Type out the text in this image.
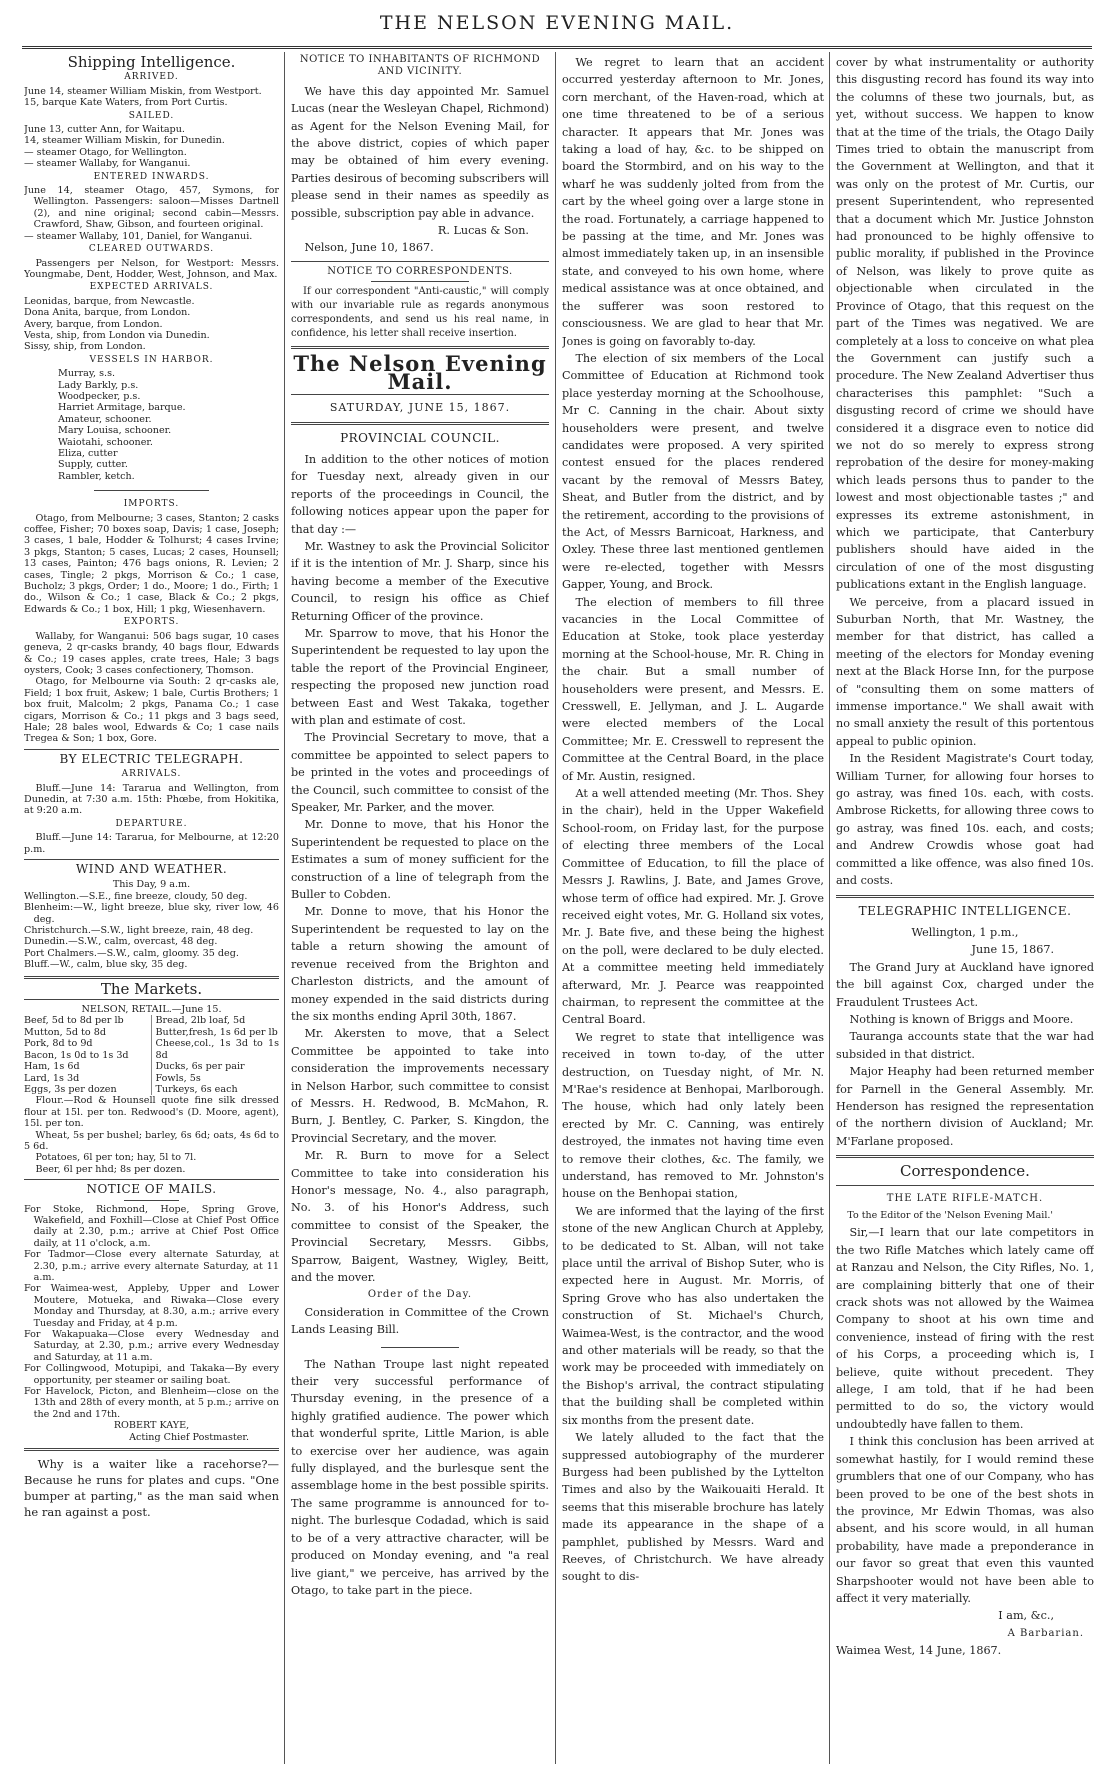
THE NELSON EVENING MAIL.
Shipping Intelligence.
ARRIVED.

June 14, steamer William Miskin, from Westport.

15, barque Kate Waters, from Port Curtis.

SAILED.

June 13, cutter Ann, for Waitapu.

14, steamer William Miskin, for Dunedin.

— steamer Otago, for Wellington.

— steamer Wallaby, for Wanganui.

ENTERED INWARDS.

June 14, steamer Otago, 457, Symons, for Wellington. Passengers: saloon—Misses Dartnell (2), and nine original; second cabin—Messrs. Crawford, Shaw, Gibson, and fourteen original.

— steamer Wallaby, 101, Daniel, for Wanganui.

CLEARED OUTWARDS.

Passengers per Nelson, for Westport: Messrs. Youngmabe, Dent, Hodder, West, Johnson, and Max.

EXPECTED ARRIVALS.

Leonidas, barque, from Newcastle.

Dona Anita, barque, from London.

Avery, barque, from London.

Vesta, ship, from London via Dunedin.

Sissy, ship, from London.

VESSELS IN HARBOR.

Murray, s.s.

Lady Barkly, p.s.

Woodpecker, p.s.

Harriet Armitage, barque.

Amateur, schooner.

Mary Louisa, schooner.

Waiotahi, schooner.

Eliza, cutter

Supply, cutter.

Rambler, ketch.

IMPORTS.

Otago, from Melbourne; 3 cases, Stanton; 2 casks coffee, Fisher; 70 boxes soap, Davis; 1 case, Joseph; 3 cases, 1 bale, Hodder & Tolhurst; 4 cases Irvine; 3 pkgs, Stanton; 5 cases, Lucas; 2 cases, Hounsell; 13 cases, Painton; 476 bags onions, R. Levien; 2 cases, Tingle; 2 pkgs, Morrison & Co.; 1 case, Bucholz; 3 pkgs, Order; 1 do., Moore; 1 do., Firth; 1 do., Wilson & Co.; 1 case, Black & Co.; 2 pkgs, Edwards & Co.; 1 box, Hill; 1 pkg, Wiesenhavern.

EXPORTS.

Wallaby, for Wanganui: 506 bags sugar, 10 cases geneva, 2 qr-casks brandy, 40 bags flour, Edwards & Co.; 19 cases apples, crate trees, Hale; 3 bags oysters, Cook; 3 cases confectionery, Thomson.

Otago, for Melbourne via South: 2 qr-casks ale, Field; 1 box fruit, Askew; 1 bale, Curtis Brothers; 1 box fruit, Malcolm; 2 pkgs, Panama Co.; 1 case cigars, Morrison & Co.; 11 pkgs and 3 bags seed, Hale; 28 bales wool, Edwards & Co; 1 case nails Tregea & Son; 1 box, Gore.

BY ELECTRIC TELEGRAPH.
ARRIVALS.

Bluff.—June 14: Tararua and Wellington, from Dunedin, at 7:30 a.m. 15th: Phœbe, from Hokitika, at 9:20 a.m.

DEPARTURE.

Bluff.—June 14: Tararua, for Melbourne, at 12:20 p.m.

WIND AND WEATHER.

This Day, 9 a.m.

Wellington.—S.E., fine breeze, cloudy, 50 deg.

Blenheim:—W., light breeze, blue sky, river low, 46 deg.

Christchurch.—S.W., light breeze, rain, 48 deg.

Dunedin.—S.W., calm, overcast, 48 deg.

Port Chalmers.—S.W., calm, gloomy. 35 deg.

Bluff.—W., calm, blue sky, 35 deg.

The Markets.

NELSON, RETAIL.—June 15.

Beef, 5d to 8d per lb

Mutton, 5d to 8d

Pork, 8d to 9d

Bacon, 1s 0d to 1s 3d

Ham, 1s 6d

Lard, 1s 3d

Eggs, 3s per dozen

Bread, 2lb loaf, 5d

Butter,fresh, 1s 6d per lb

Cheese,col., 1s 3d to 1s 8d

Ducks, 6s per pair

Fowls, 5s

Turkeys, 6s each

Flour.—Rod & Hounsell quote fine silk dressed flour at 15l. per ton. Redwood's (D. Moore, agent), 15l. per ton.

Wheat, 5s per bushel; barley, 6s 6d; oats, 4s 6d to 5 6d.

Potatoes, 6l per ton; hay, 5l to 7l.

Beer, 6l per hhd; 8s per dozen.

NOTICE OF MAILS.

For Stoke, Richmond, Hope, Spring Grove, Wakefield, and Foxhill—Close at Chief Post Office daily at 2.30, p.m.; arrive at Chief Post Office daily, at 11 o'clock, a.m.

For Tadmor—Close every alternate Saturday, at 2.30, p.m.; arrive every alternate Saturday, at 11 a.m.

For Waimea-west, Appleby, Upper and Lower Moutere, Motueka, and Riwaka—Close every Monday and Thursday, at 8.30, a.m.; arrive every Tuesday and Friday, at 4 p.m.

For Wakapuaka—Close every Wednesday and Saturday, at 2.30, p.m.; arrive every Wednesday and Saturday, at 11 a.m.

For Collingwood, Motupipi, and Takaka—By every opportunity, per steamer or sailing boat.

For Havelock, Picton, and Blenheim—close on the 13th and 28th of every month, at 5 p.m.; arrive on the 2nd and 17th.

ROBERT KAYE,

Acting Chief Postmaster.

Why is a waiter like a racehorse?—Because he runs for plates and cups. "One bumper at parting," as the man said when he ran against a post.

NOTICE TO INHABITANTS OF RICHMOND AND VICINITY.

We have this day appointed Mr. Samuel Lucas (near the Wesleyan Chapel, Richmond) as Agent for the Nelson Evening Mail, for the above district, copies of which paper may be obtained of him every evening. Parties desirous of becoming subscribers will please send in their names as speedily as possible, subscription pay able in advance.

R. Lucas & Son.

Nelson, June 10, 1867.

NOTICE TO CORRESPONDENTS.

If our correspondent "Anti-caustic," will comply with our invariable rule as regards anonymous correspondents, and send us his real name, in confidence, his letter shall receive insertion.

The Nelson Evening Mail.
SATURDAY, JUNE 15, 1867.
PROVINCIAL COUNCIL.

In addition to the other notices of motion for Tuesday next, already given in our reports of the proceedings in Council, the following notices appear upon the paper for that day :—

Mr. Wastney to ask the Provincial Solicitor if it is the intention of Mr. J. Sharp, since his having become a member of the Executive Council, to resign his office as Chief Returning Officer of the province.

Mr. Sparrow to move, that his Honor the Superintendent be requested to lay upon the table the report of the Provincial Engineer, respecting the proposed new junction road between East and West Takaka, together with plan and estimate of cost.

The Provincial Secretary to move, that a committee be appointed to select papers to be printed in the votes and proceedings of the Council, such committee to consist of the Speaker, Mr. Parker, and the mover.

Mr. Donne to move, that his Honor the Superintendent be requested to place on the Estimates a sum of money sufficient for the construction of a line of telegraph from the Buller to Cobden.

Mr. Donne to move, that his Honor the Superintendent be requested to lay on the table a return showing the amount of revenue received from the Brighton and Charleston districts, and the amount of money expended in the said districts during the six months ending April 30th, 1867.

Mr. Akersten to move, that a Select Committee be appointed to take into consideration the improvements necessary in Nelson Harbor, such committee to consist of Messrs. H. Redwood, B. McMahon, R. Burn, J. Bentley, C. Parker, S. Kingdon, the Provincial Secretary, and the mover.

Mr. R. Burn to move for a Select Committee to take into consideration his Honor's message, No. 4., also paragraph, No. 3. of his Honor's Address, such committee to consist of the Speaker, the Provincial Secretary, Messrs. Gibbs, Sparrow, Baigent, Wastney, Wigley, Beitt, and the mover.

Order of the Day.

Consideration in Committee of the Crown Lands Leasing Bill.

The Nathan Troupe last night repeated their very successful performance of Thursday evening, in the presence of a highly gratified audience. The power which that wonderful sprite, Little Marion, is able to exercise over her audience, was again fully displayed, and the burlesque sent the assemblage home in the best possible spirits. The same programme is announced for to-night. The burlesque Codadad, which is said to be of a very attractive character, will be produced on Monday evening, and "a real live giant," we perceive, has arrived by the Otago, to take part in the piece.

We regret to learn that an accident occurred yesterday afternoon to Mr. Jones, corn merchant, of the Haven-road, which at one time threatened to be of a serious character. It appears that Mr. Jones was taking a load of hay, &c. to be shipped on board the Stormbird, and on his way to the wharf he was suddenly jolted from from the cart by the wheel going over a large stone in the road. Fortunately, a carriage happened to be passing at the time, and Mr. Jones was almost immediately taken up, in an insensible state, and conveyed to his own home, where medical assistance was at once obtained, and the sufferer was soon restored to consciousness. We are glad to hear that Mr. Jones is going on favorably to-day.

The election of six members of the Local Committee of Education at Richmond took place yesterday morning at the Schoolhouse, Mr C. Canning in the chair. About sixty householders were present, and twelve candidates were proposed. A very spirited contest ensued for the places rendered vacant by the removal of Messrs Batey, Sheat, and Butler from the district, and by the retirement, according to the provisions of the Act, of Messrs Barnicoat, Harkness, and Oxley. These three last mentioned gentlemen were re-elected, together with Messrs Gapper, Young, and Brock.

The election of members to fill three vacancies in the Local Committee of Education at Stoke, took place yesterday morning at the School-house, Mr. R. Ching in the chair. But a small number of householders were present, and Messrs. E. Cresswell, E. Jellyman, and J. L. Augarde were elected members of the Local Committee; Mr. E. Cresswell to represent the Committee at the Central Board, in the place of Mr. Austin, resigned.

At a well attended meeting (Mr. Thos. Shey in the chair), held in the Upper Wakefield School-room, on Friday last, for the purpose of electing three members of the Local Committee of Education, to fill the place of Messrs J. Rawlins, J. Bate, and James Grove, whose term of office had expired. Mr. J. Grove received eight votes, Mr. G. Holland six votes, Mr. J. Bate five, and these being the highest on the poll, were declared to be duly elected. At a committee meeting held immediately afterward, Mr. J. Pearce was reappointed chairman, to represent the committee at the Central Board.

We regret to state that intelligence was received in town to-day, of the utter destruction, on Tuesday night, of Mr. N. M'Rae's residence at Benhopai, Marlborough. The house, which had only lately been erected by Mr. C. Canning, was entirely destroyed, the inmates not having time even to remove their clothes, &c. The family, we understand, has removed to Mr. Johnston's house on the Benhopai station,

We are informed that the laying of the first stone of the new Anglican Church at Appleby, to be dedicated to St. Alban, will not take place until the arrival of Bishop Suter, who is expected here in August. Mr. Morris, of Spring Grove who has also undertaken the construction of St. Michael's Church, Waimea-West, is the contractor, and the wood and other materials will be ready, so that the work may be proceeded with immediately on the Bishop's arrival, the contract stipulating that the building shall be completed within six months from the present date.

We lately alluded to the fact that the suppressed autobiography of the murderer Burgess had been published by the Lyttelton Times and also by the Waikouaiti Herald. It seems that this miserable brochure has lately made its appearance in the shape of a pamphlet, published by Messrs. Ward and Reeves, of Christchurch. We have already sought to dis-

cover by what instrumentality or authority this disgusting record has found its way into the columns of these two journals, but, as yet, without success. We happen to know that at the time of the trials, the Otago Daily Times tried to obtain the manuscript from the Government at Wellington, and that it was only on the protest of Mr. Curtis, our present Superintendent, who represented that a document which Mr. Justice Johnston had pronounced to be highly offensive to public morality, if published in the Province of Nelson, was likely to prove quite as objectionable when circulated in the Province of Otago, that this request on the part of the Times was negatived. We are completely at a loss to conceive on what plea the Government can justify such a procedure. The New Zealand Advertiser thus characterises this pamphlet: "Such a disgusting record of crime we should have considered it a disgrace even to notice did we not do so merely to express strong reprobation of the desire for money-making which leads persons thus to pander to the lowest and most objectionable tastes ;" and expresses its extreme astonishment, in which we participate, that Canterbury publishers should have aided in the circulation of one of the most disgusting publications extant in the English language.

We perceive, from a placard issued in Suburban North, that Mr. Wastney, the member for that district, has called a meeting of the electors for Monday evening next at the Black Horse Inn, for the purpose of "consulting them on some matters of immense importance." We shall await with no small anxiety the result of this portentous appeal to public opinion.

In the Resident Magistrate's Court today, William Turner, for allowing four horses to go astray, was fined 10s. each, with costs. Ambrose Ricketts, for allowing three cows to go astray, was fined 10s. each, and costs; and Andrew Crowdis whose goat had committed a like offence, was also fined 10s. and costs.

TELEGRAPHIC INTELLIGENCE.

Wellington, 1 p.m.,

June 15, 1867.

The Grand Jury at Auckland have ignored the bill against Cox, charged under the Fraudulent Trustees Act.

Nothing is known of Briggs and Moore.

Tauranga accounts state that the war had subsided in that district.

Major Heaphy had been returned member for Parnell in the General Assembly. Mr. Henderson has resigned the representation of the northern division of Auckland; Mr. M'Farlane proposed.

Correspondence.

THE LATE RIFLE-MATCH.

To the Editor of the 'Nelson Evening Mail.'

Sir,—I learn that our late competitors in the two Rifle Matches which lately came off at Ranzau and Nelson, the City Rifles, No. 1, are complaining bitterly that one of their crack shots was not allowed by the Waimea Company to shoot at his own time and convenience, instead of firing with the rest of his Corps, a proceeding which is, I believe, quite without precedent. They allege, I am told, that if he had been permitted to do so, the victory would undoubtedly have fallen to them.

I think this conclusion has been arrived at somewhat hastily, for I would remind these grumblers that one of our Company, who has been proved to be one of the best shots in the province, Mr Edwin Thomas, was also absent, and his score would, in all human probability, have made a preponderance in our favor so great that even this vaunted Sharpshooter would not have been able to affect it very materially.

I am, &c.,

A Barbarian.

Waimea West, 14 June, 1867.
